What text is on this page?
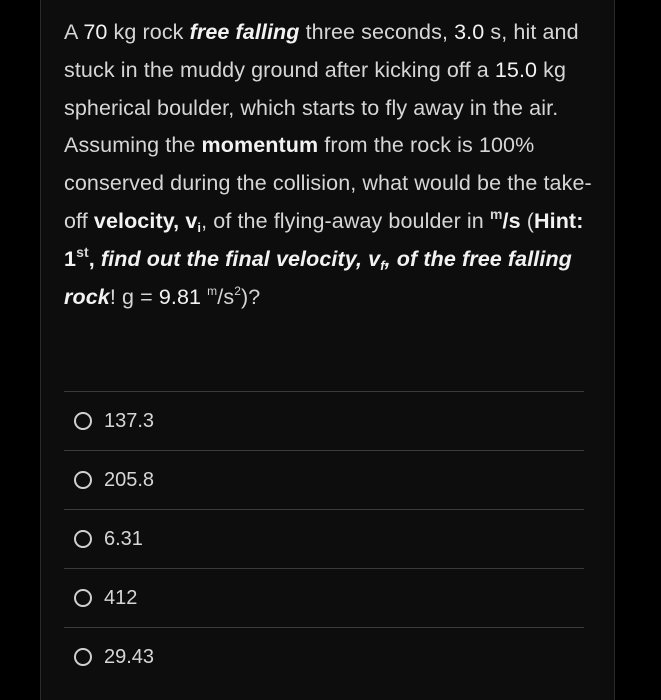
A 70 kg rock free falling three seconds, 3.0 s, hit and stuck in the muddy ground after kicking off a 15.0 kg spherical boulder, which starts to fly away in the air. Assuming the momentum from the rock is 100% conserved during the collision, what would be the take-off velocity, $v_i$, of the flying-away boulder in $^m$/s (Hint: 1st, find out the final velocity, $v_f$, of the free falling rock! g = 9.81 $^m/s^2$)?
137.3
205.8
6.31
412
29.43
